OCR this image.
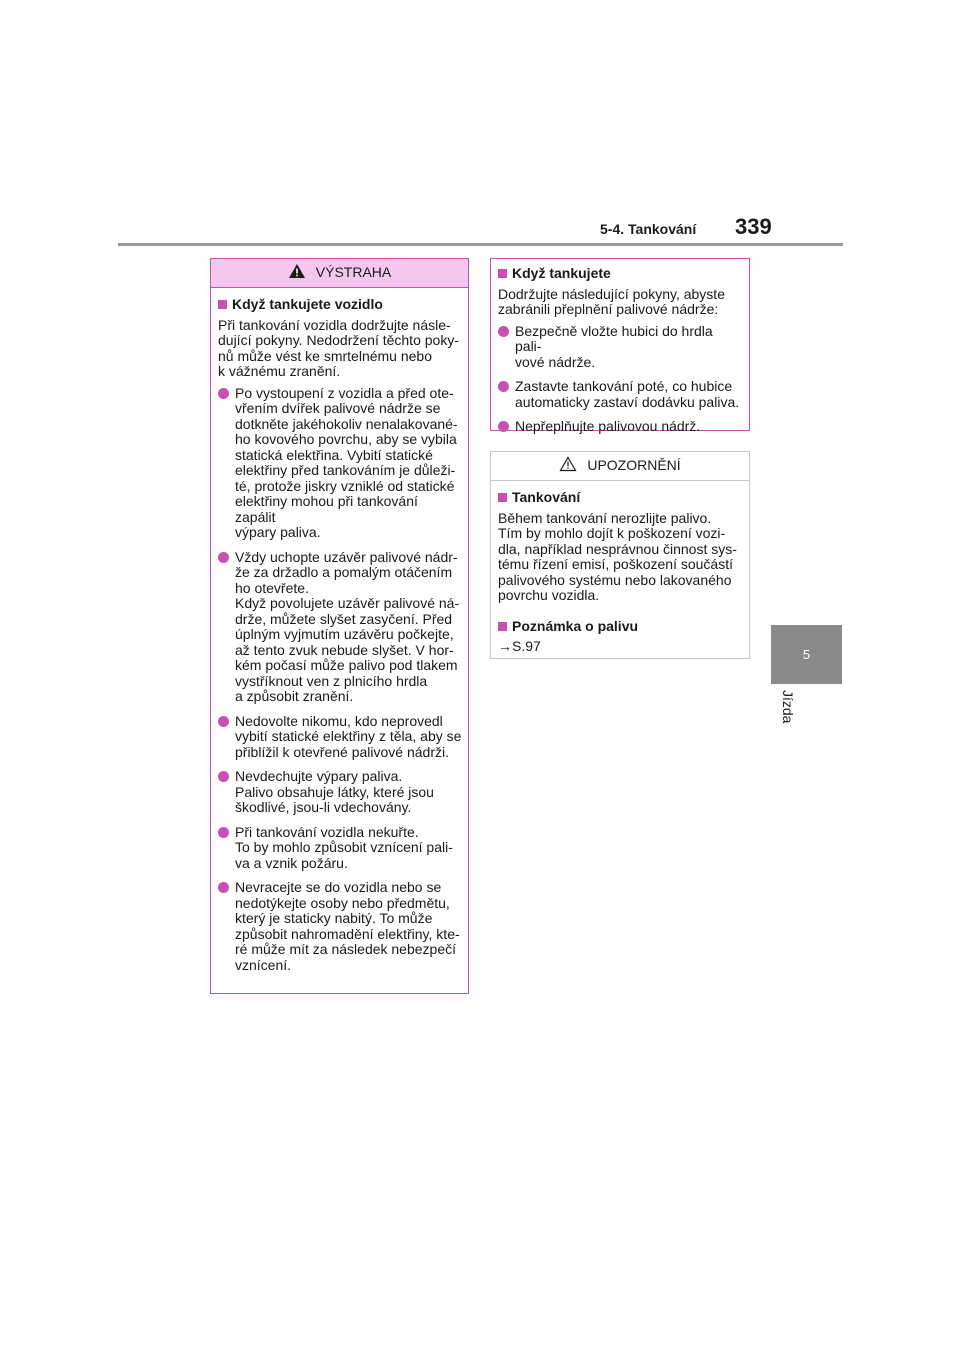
5-4. Tankování 339
5
Jízda
VÝSTRAHA
Když tankujete vozidlo

Při tankování vozidla dodržujte násle-
dující pokyny. Nedodržení těchto poky-
nů může vést ke smrtelnému nebo
k vážnému zranění.

Po vystoupení z vozidla a před ote-
vřením dvířek palivové nádrže se
dotkněte jakéhokoliv nenalakované-
ho kovového povrchu, aby se vybila
statická elektřina. Vybití statické
elektřiny před tankováním je důleži-
té, protože jiskry vzniklé od statické
elektřiny mohou při tankování zapálit
výpary paliva.
Vždy uchopte uzávěr palivové nádr-
že za držadlo a pomalým otáčením
ho otevřete.
Když povolujete uzávěr palivové ná-
drže, můžete slyšet zasyčení. Před
úplným vyjmutím uzávěru počkejte,
až tento zvuk nebude slyšet. V hor-
kém počasí může palivo pod tlakem
vystříknout ven z plnicího hrdla
a způsobit zranění.
Nedovolte nikomu, kdo neprovedl
vybití statické elektřiny z těla, aby se
přiblížil k otevřené palivové nádrži.
Nevdechujte výpary paliva.
Palivo obsahuje látky, které jsou
škodlivé, jsou-li vdechovány.
Při tankování vozidla nekuřte.
To by mohlo způsobit vznícení pali-
va a vznik požáru.
Nevracejte se do vozidla nebo se
nedotýkejte osoby nebo předmětu,
který je staticky nabitý. To může
způsobit nahromadění elektřiny, kte-
ré může mít za následek nebezpečí
vznícení.
Když tankujete

Dodržujte následující pokyny, abyste
zabránili přeplnění palivové nádrže:

Bezpečně vložte hubici do hrdla pali-
vové nádrže.
Zastavte tankování poté, co hubice
automaticky zastaví dodávku paliva.
Nepřeplňujte palivovou nádrž.
UPOZORNĚNÍ
Tankování

Během tankování nerozlijte palivo.
Tím by mohlo dojít k poškození vozi-
dla, například nesprávnou činnost sys-
tému řízení emisí, poškození součástí
palivového systému nebo lakovaného
povrchu vozidla.

Poznámka o palivu

→S.97
